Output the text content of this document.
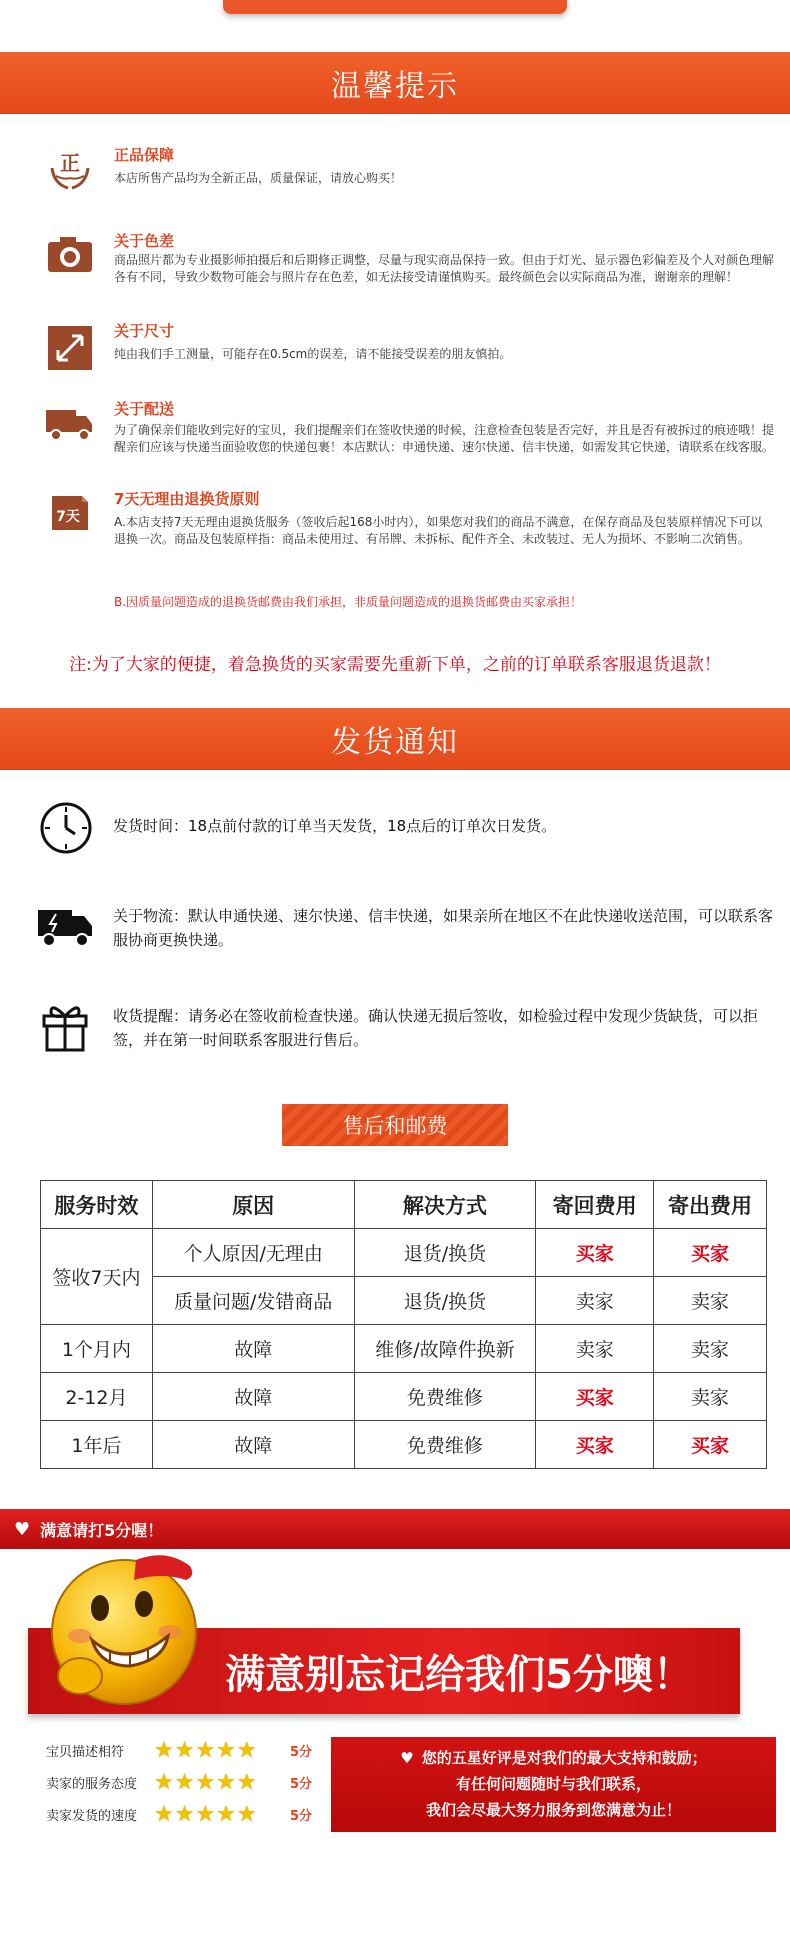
温馨提示
正 正品保障
本店所售产品均为全新正品，质量保证，请放心购买！
关于色差
商品照片都为专业摄影师拍摄后和后期修正调整，尽量与现实商品保持一致。但由于灯光、显示器色彩偏差及个人对颜色理解各有不同，导致少数物可能会与照片存在色差，如无法接受请谨慎购买。最终颜色会以实际商品为准，谢谢亲的理解！
关于尺寸
纯由我们手工测量，可能存在0.5cm的误差，请不能接受误差的朋友慎拍。
关于配送
为了确保亲们能收到完好的宝贝，我们提醒亲们在签收快递的时候，注意检查包装是否完好，并且是否有被拆过的痕迹哦！提醒亲们应该与快递当面验收您的快递包裹！本店默认：申通快递、速尔快递、信丰快递，如需发其它快递，请联系在线客服。
7天
7天无理由退换货原则
A.本店支持7天无理由退换货服务（签收后起168小时内），如果您对我们的商品不满意，在保存商品及包装原样情况下可以退换一次。商品及包装原样指：商品未使用过、有吊牌、未拆标、配件齐全、未改装过、无人为损坏、不影响二次销售。
B.因质量问题造成的退换货邮费由我们承担，非质量问题造成的退换货邮费由买家承担！
注:为了大家的便捷，着急换货的买家需要先重新下单，之前的订单联系客服退货退款！
发货通知
发货时间：18点前付款的订单当天发货，18点后的订单次日发货。
关于物流：默认申通快递、速尔快递、信丰快递，如果亲所在地区不在此快递收送范围，可以联系客服协商更换快递。
收货提醒：请务必在签收前检查快递。确认快递无损后签收，如检验过程中发现少货缺货，可以拒签，并在第一时间联系客服进行售后。
售后和邮费
服务时效	原因	解决方式	寄回费用	寄出费用
签收7天内	个人原因/无理由	退货/换货	买家	买家
	质量问题/发错商品	退货/换货	卖家	卖家
1个月内	故障	维修/故障件换新	卖家	卖家
2-12月	故障	免费维修	买家	卖家
1年后	故障	免费维修	买家	买家
♥ 满意请打5分喔！
满意别忘记给我们5分噢！
宝贝描述相符	★★★★★	5分
卖家的服务态度 ★★★★★	5分
卖家发货的速度 ★★★★★	5分
♥ 您的五星好评是对我们的最大支持和鼓励；
有任何问题随时与我们联系，
我们会尽最大努力服务到您满意为止！
